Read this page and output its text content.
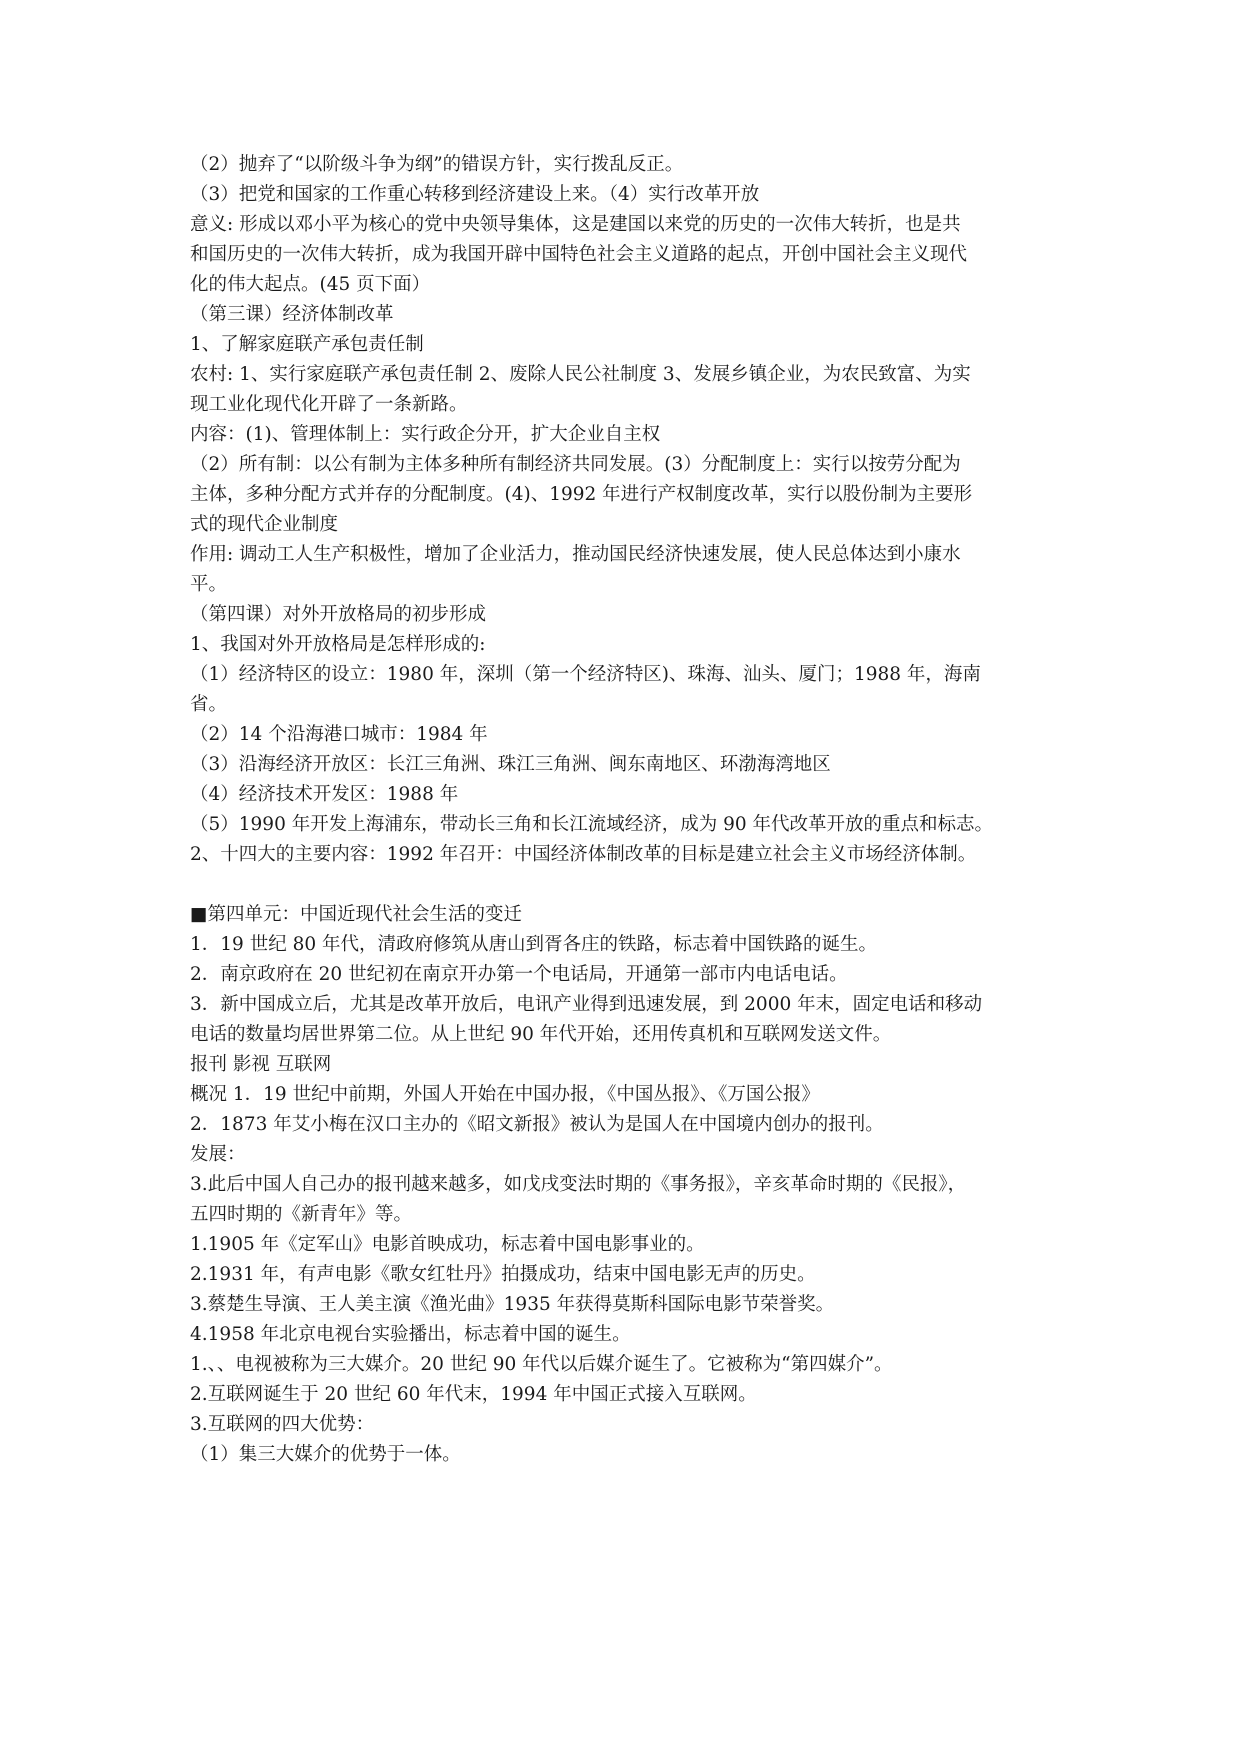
（2）抛弃了“以阶级斗争为纲”的错误方针，实行拨乱反正。
（3）把党和国家的工作重心转移到经济建设上来。（4）实行改革开放
意义: 形成以邓小平为核心的党中央领导集体，这是建国以来党的历史的一次伟大转折，也是共
和国历史的一次伟大转折，成为我国开辟中国特色社会主义道路的起点，开创中国社会主义现代
化的伟大起点。(45 页下面）
（第三课）经济体制改革
1、了解家庭联产承包责任制
农村: 1、实行家庭联产承包责任制 2、废除人民公社制度 3、发展乡镇企业，为农民致富、为实
现工业化现代化开辟了一条新路。
内容：(1)、管理体制上：实行政企分开，扩大企业自主权
（2）所有制：以公有制为主体多种所有制经济共同发展。(3）分配制度上：实行以按劳分配为
主体，多种分配方式并存的分配制度。(4)、1992 年进行产权制度改革，实行以股份制为主要形
式的现代企业制度
作用: 调动工人生产积极性，增加了企业活力，推动国民经济快速发展，使人民总体达到小康水
平。
（第四课）对外开放格局的初步形成
1、我国对外开放格局是怎样形成的:
（1）经济特区的设立：1980 年，深圳（第一个经济特区)、珠海、汕头、厦门；1988 年，海南
省。
（2）14 个沿海港口城市：1984 年
（3）沿海经济开放区：长江三角洲、珠江三角洲、闽东南地区、环渤海湾地区
（4）经济技术开发区：1988 年
（5）1990 年开发上海浦东，带动长三角和长江流域经济，成为 90 年代改革开放的重点和标志。
2、十四大的主要内容：1992 年召开：中国经济体制改革的目标是建立社会主义市场经济体制。
■第四单元：中国近现代社会生活的变迁
1．19 世纪 80 年代，清政府修筑从唐山到胥各庄的铁路，标志着中国铁路的诞生。
2．南京政府在 20 世纪初在南京开办第一个电话局，开通第一部市内电话电话。
3．新中国成立后，尤其是改革开放后，电讯产业得到迅速发展，到 2000 年末，固定电话和移动
电话的数量均居世界第二位。从上世纪 90 年代开始，还用传真机和互联网发送文件。
报刊 影视 互联网
概况 1．19 世纪中前期，外国人开始在中国办报，《中国丛报》、《万国公报》
2．1873 年艾小梅在汉口主办的《昭文新报》被认为是国人在中国境内创办的报刊。
发展：
3.此后中国人自己办的报刊越来越多，如戊戌变法时期的《事务报》，辛亥革命时期的《民报》，
五四时期的《新青年》等。
1.1905 年《定军山》电影首映成功，标志着中国电影事业的。
2.1931 年，有声电影《歌女红牡丹》拍摄成功，结束中国电影无声的历史。
3.蔡楚生导演、王人美主演《渔光曲》1935 年获得莫斯科国际电影节荣誉奖。
4.1958 年北京电视台实验播出，标志着中国的诞生。
1.、、电视被称为三大媒介。20 世纪 90 年代以后媒介诞生了。它被称为“第四媒介”。
2.互联网诞生于 20 世纪 60 年代末，1994 年中国正式接入互联网。
3.互联网的四大优势：
（1）集三大媒介的优势于一体。
